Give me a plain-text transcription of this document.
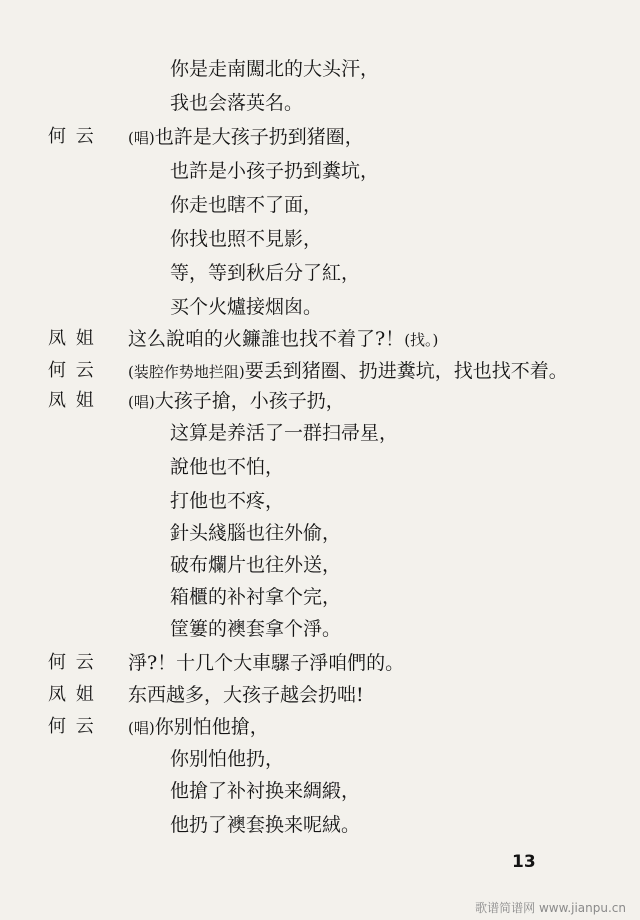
你是走南闖北的大头汗，
我也会落英名。
何 云	(唱)也許是大孩子扔到猪圈，
也許是小孩子扔到糞坑，
你走也瞎不了面，
你找也照不見影，
等，等到秋后分了紅，
买个火爐接烟囱。
凤 姐	这么說咱的火鐮誰也找不着了?！(找。)
何 云	(装腔作势地拦阻)要丢到猪圈、扔进糞坑，找也找不着。
凤 姐	(唱)大孩子搶，小孩子扔，
这算是养活了一群扫帚星，
說他也不怕，
打他也不疼，
針头綫腦也往外偷，
破布爛片也往外送，
箱櫃的补衬拿个完，
筐簍的襖套拿个淨。
何 云	淨?！十几个大車騾子淨咱們的。
凤 姐	东西越多，大孩子越会扔咄!
何 云	(唱)你别怕他搶，
你别怕他扔，
他搶了补衬换来綢緞，
他扔了襖套换来呢絨。
13
歌谱简谱网 www.jianpu.cn
